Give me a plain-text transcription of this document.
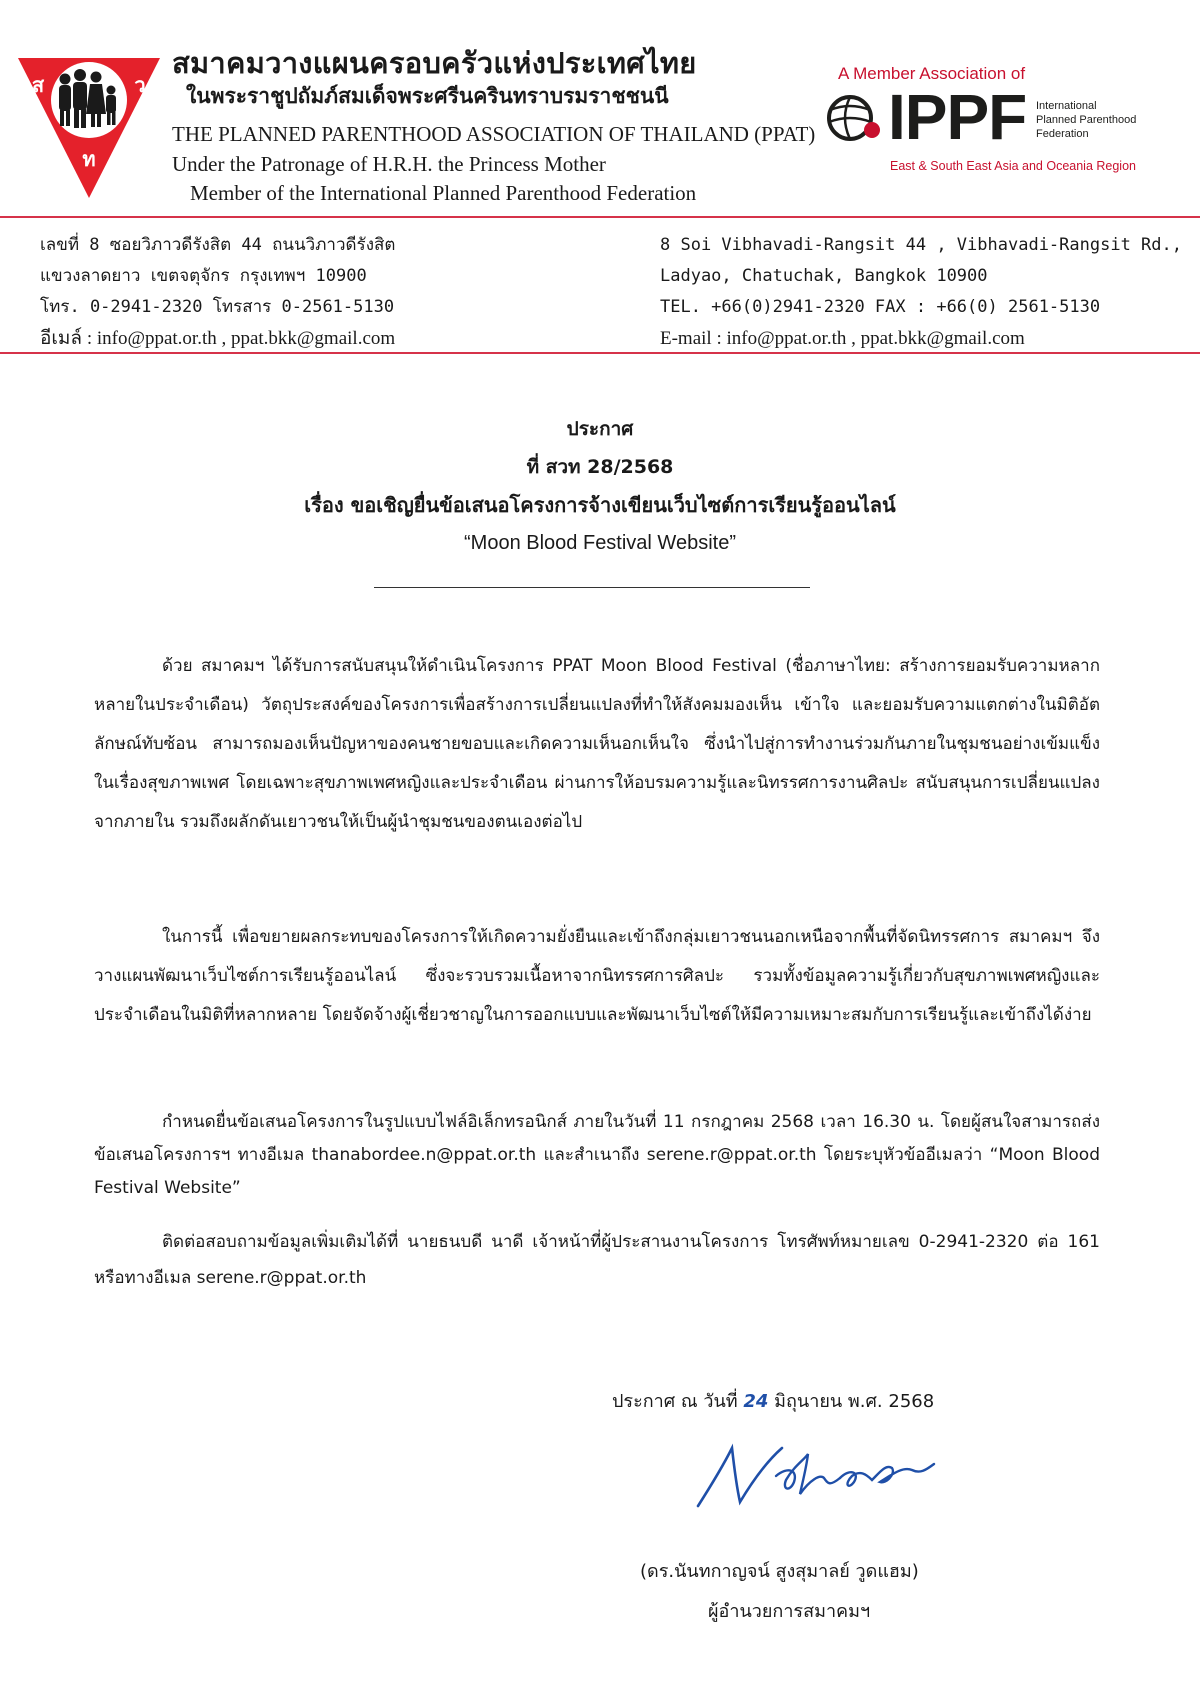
ส	ว
ท
สมาคมวางแผนครอบครัวแห่งประเทศไทย
ในพระราชูปถัมภ์สมเด็จพระศรีนครินทราบรมราชชนนี
THE PLANNED PARENTHOOD ASSOCIATION OF THAILAND (PPAT)
Under the Patronage of H.R.H. the Princess Mother
Member of the International Planned Parenthood Federation
A Member Association of
IPPF International
Planned Parenthood
Federation
East & South East Asia and Oceania Region
เลขที่ 8 ซอยวิภาวดีรังสิต 44 ถนนวิภาวดีรังสิต
แขวงลาดยาว เขตจตุจักร กรุงเทพฯ 10900
โทร. 0-2941-2320 โทรสาร 0-2561-5130
อีเมล์ : info@ppat.or.th , ppat.bkk@gmail.com
8 Soi Vibhavadi-Rangsit 44 , Vibhavadi-Rangsit Rd.,
Ladyao, Chatuchak, Bangkok 10900
TEL. +66(0)2941-2320 FAX : +66(0) 2561-5130
E-mail : info@ppat.or.th , ppat.bkk@gmail.com
ประกาศ
ที่ สวท 28/2568
เรื่อง ขอเชิญยื่นข้อเสนอโครงการจ้างเขียนเว็บไซต์การเรียนรู้ออนไลน์
“Moon Blood Festival Website”
ด้วย สมาคมฯ ได้รับการสนับสนุนให้ดำเนินโครงการ PPAT Moon Blood Festival (ชื่อภาษาไทย: สร้างการยอมรับความหลากหลายในประจำเดือน) วัตถุประสงค์ของโครงการเพื่อสร้างการเปลี่ยนแปลงที่ทำให้สังคมมองเห็น เข้าใจ และยอมรับความแตกต่างในมิติอัตลักษณ์ทับซ้อน สามารถมองเห็นปัญหาของคนชายขอบและเกิดความเห็นอกเห็นใจ ซึ่งนำไปสู่การทำงานร่วมกันภายในชุมชนอย่างเข้มแข็งในเรื่องสุขภาพเพศ โดยเฉพาะสุขภาพเพศหญิงและประจำเดือน ผ่านการให้อบรมความรู้และนิทรรศการงานศิลปะ สนับสนุนการเปลี่ยนแปลงจากภายใน รวมถึงผลักดันเยาวชนให้เป็นผู้นำชุมชนของตนเองต่อไป
ในการนี้ เพื่อขยายผลกระทบของโครงการให้เกิดความยั่งยืนและเข้าถึงกลุ่มเยาวชนนอกเหนือจากพื้นที่จัดนิทรรศการ สมาคมฯ จึงวางแผนพัฒนาเว็บไซต์การเรียนรู้ออนไลน์ ซึ่งจะรวบรวมเนื้อหาจากนิทรรศการศิลปะ รวมทั้งข้อมูลความรู้เกี่ยวกับสุขภาพเพศหญิงและประจำเดือนในมิติที่หลากหลาย โดยจัดจ้างผู้เชี่ยวชาญในการออกแบบและพัฒนาเว็บไซต์ให้มีความเหมาะสมกับการเรียนรู้และเข้าถึงได้ง่าย
กำหนดยื่นข้อเสนอโครงการในรูปแบบไฟล์อิเล็กทรอนิกส์ ภายในวันที่ 11 กรกฎาคม 2568 เวลา 16.30 น. โดยผู้สนใจสามารถส่งข้อเสนอโครงการฯ ทางอีเมล thanabordee.n@ppat.or.th และสำเนาถึง serene.r@ppat.or.th โดยระบุหัวข้ออีเมลว่า “Moon Blood Festival Website”
ติดต่อสอบถามข้อมูลเพิ่มเติมได้ที่ นายธนบดี นาดี เจ้าหน้าที่ผู้ประสานงานโครงการ โทรศัพท์หมายเลข 0-2941-2320 ต่อ 161 หรือทางอีเมล serene.r@ppat.or.th
ประกาศ ณ วันที่ 24 มิถุนายน พ.ศ. 2568
(ดร.นันทกาญจน์ สูงสุมาลย์ วูดแฮม)
ผู้อำนวยการสมาคมฯ
